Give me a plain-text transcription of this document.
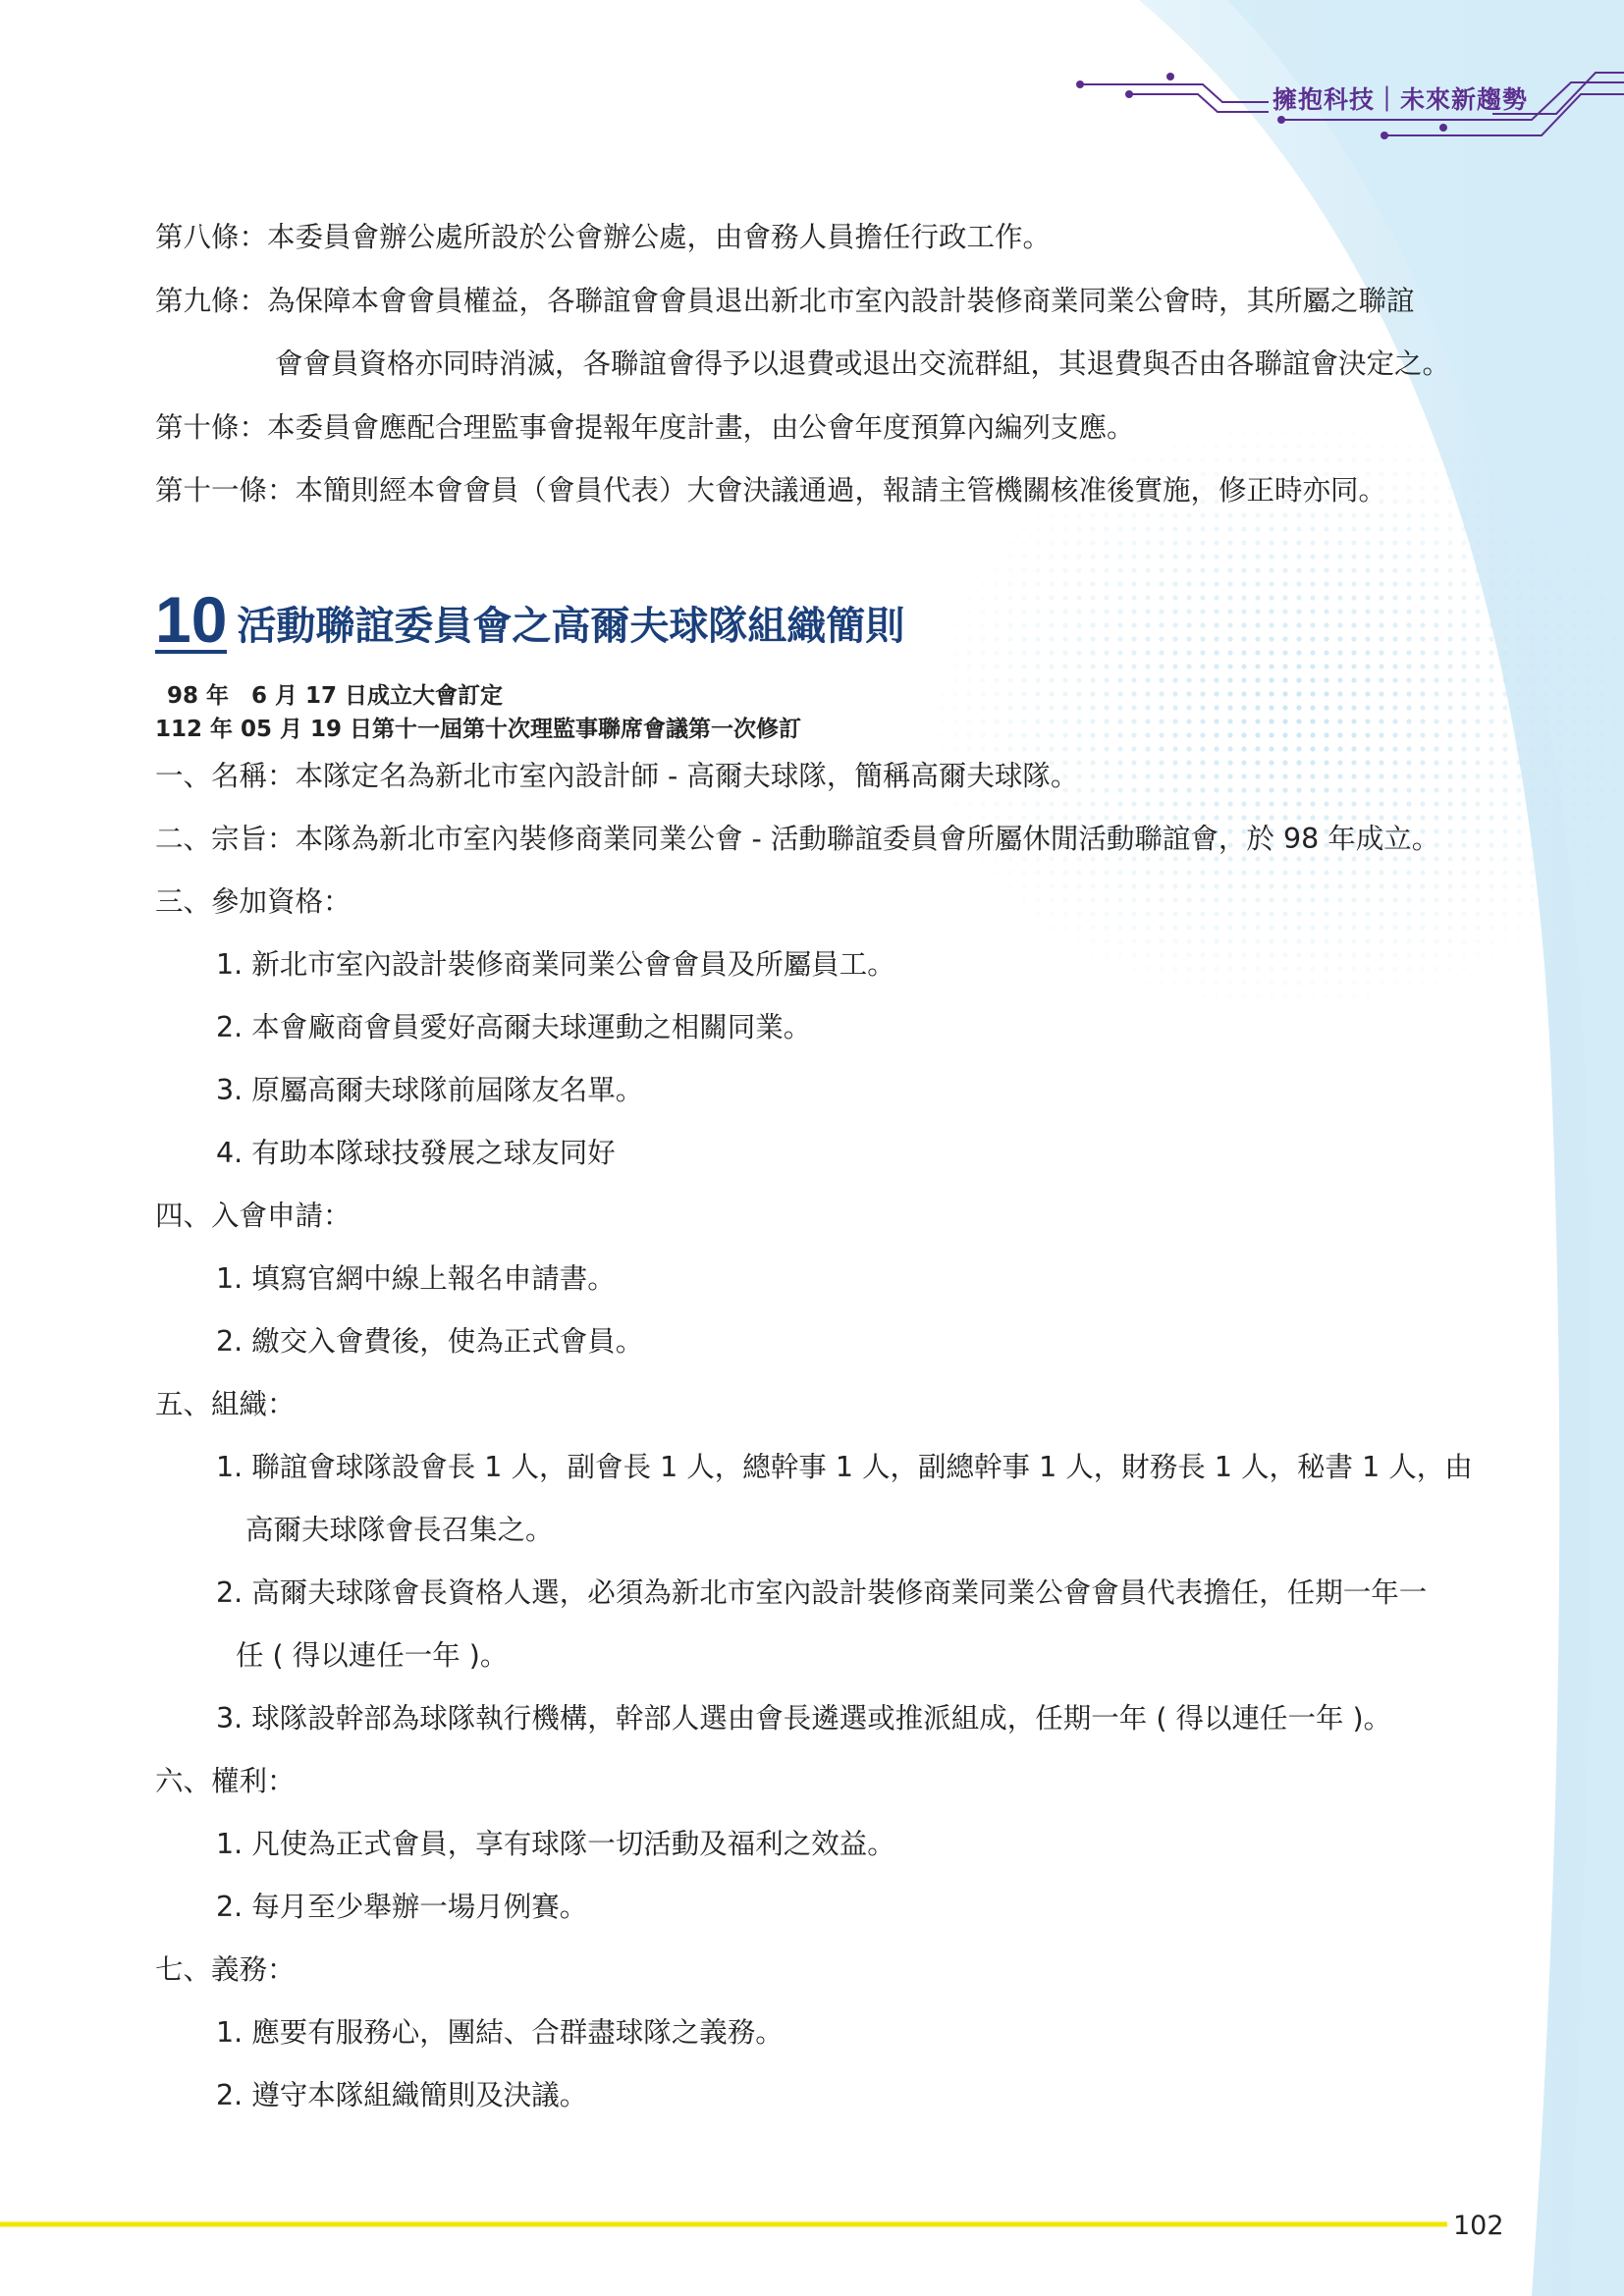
擁抱科技｜未來新趨勢
第八條：本委員會辦公處所設於公會辦公處，由會務人員擔任行政工作。
第九條：為保障本會會員權益，各聯誼會會員退出新北市室內設計裝修商業同業公會時，其所屬之聯誼
會會員資格亦同時消滅，各聯誼會得予以退費或退出交流群組，其退費與否由各聯誼會決定之。
第十條：本委員會應配合理監事會提報年度計畫，由公會年度預算內編列支應。
第十一條：本簡則經本會會員（會員代表）大會決議通過，報請主管機關核准後實施，修正時亦同。
10 活動聯誼委員會之高爾夫球隊組織簡則
98 年　6 月 17 日成立大會訂定
112 年 05 月 19 日第十一屆第十次理監事聯席會議第一次修訂
一、名稱：本隊定名為新北市室內設計師 - 高爾夫球隊，簡稱高爾夫球隊。
二、宗旨：本隊為新北市室內裝修商業同業公會 - 活動聯誼委員會所屬休閒活動聯誼會，於 98 年成立。
三、參加資格：
1. 新北市室內設計裝修商業同業公會會員及所屬員工。
2. 本會廠商會員愛好高爾夫球運動之相關同業。
3. 原屬高爾夫球隊前屆隊友名單。
4. 有助本隊球技發展之球友同好
四、入會申請：
1. 填寫官網中線上報名申請書。
2. 繳交入會費後，使為正式會員。
五、組織：
1. 聯誼會球隊設會長 1 人，副會長 1 人，總幹事 1 人，副總幹事 1 人，財務長 1 人，秘書 1 人，由
高爾夫球隊會長召集之。
2. 高爾夫球隊會長資格人選，必須為新北市室內設計裝修商業同業公會會員代表擔任，任期一年一
任 ( 得以連任一年 )。
3. 球隊設幹部為球隊執行機構，幹部人選由會長遴選或推派組成，任期一年 ( 得以連任一年 )。
六、權利：
1. 凡使為正式會員，享有球隊一切活動及福利之效益。
2. 每月至少舉辦一場月例賽。
七、義務：
1. 應要有服務心，團結、合群盡球隊之義務。
2. 遵守本隊組織簡則及決議。
102
